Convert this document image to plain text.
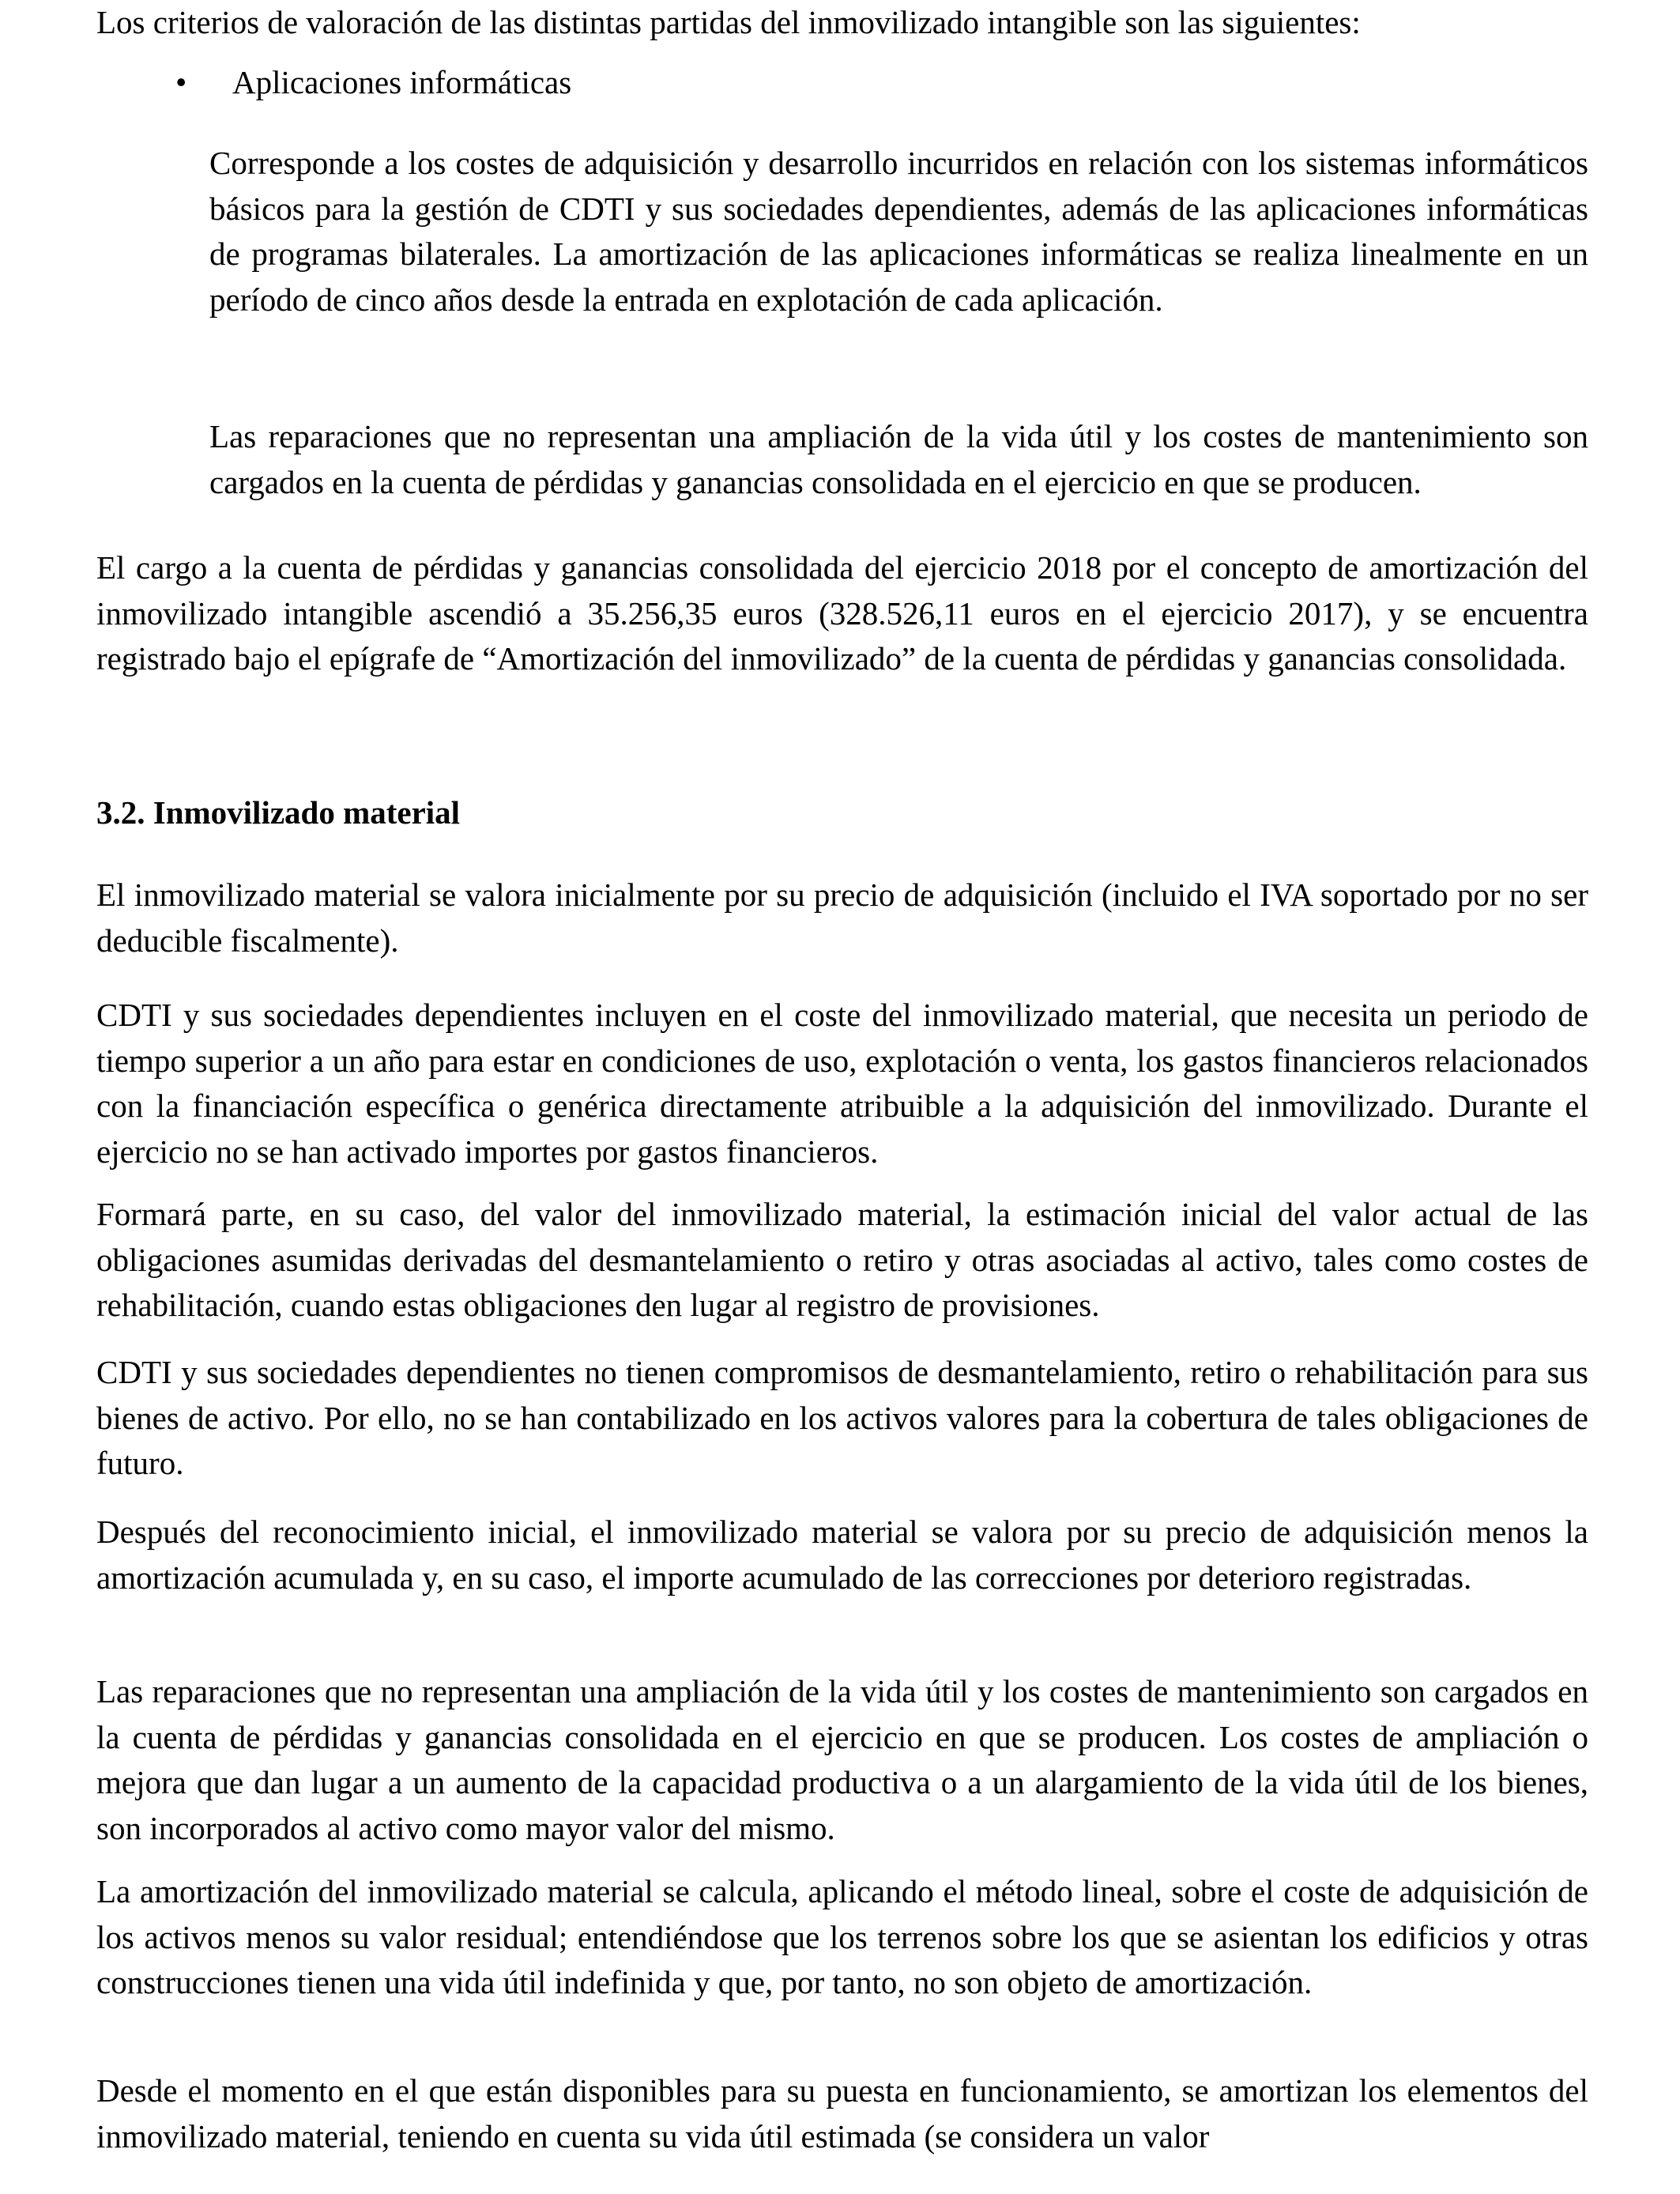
Los criterios de valoración de las distintas partidas del inmovilizado intangible son las siguientes:

• Aplicaciones informáticas

Corresponde a los costes de adquisición y desarrollo incurridos en relación con los sistemas informáticos básicos para la gestión de CDTI y sus sociedades dependientes, además de las aplicaciones informáticas de programas bilaterales. La amortización de las aplicaciones informáticas se realiza linealmente en un período de cinco años desde la entrada en explotación de cada aplicación.

Las reparaciones que no representan una ampliación de la vida útil y los costes de mantenimiento son cargados en la cuenta de pérdidas y ganancias consolidada en el ejercicio en que se producen.

El cargo a la cuenta de pérdidas y ganancias consolidada del ejercicio 2018 por el concepto de amortización del inmovilizado intangible ascendió a 35.256,35 euros (328.526,11 euros en el ejercicio 2017), y se encuentra registrado bajo el epígrafe de “Amortización del inmovilizado” de la cuenta de pérdidas y ganancias consolidada.

3.2. Inmovilizado material

El inmovilizado material se valora inicialmente por su precio de adquisición (incluido el IVA soportado por no ser deducible fiscalmente).

CDTI y sus sociedades dependientes incluyen en el coste del inmovilizado material, que necesita un periodo de tiempo superior a un año para estar en condiciones de uso, explotación o venta, los gastos financieros relacionados con la financiación específica o genérica directamente atribuible a la adquisición del inmovilizado. Durante el ejercicio no se han activado importes por gastos financieros.

Formará parte, en su caso, del valor del inmovilizado material, la estimación inicial del valor actual de las obligaciones asumidas derivadas del desmantelamiento o retiro y otras asociadas al activo, tales como costes de rehabilitación, cuando estas obligaciones den lugar al registro de provisiones.

CDTI y sus sociedades dependientes no tienen compromisos de desmantelamiento, retiro o rehabilitación para sus bienes de activo. Por ello, no se han contabilizado en los activos valores para la cobertura de tales obligaciones de futuro.

Después del reconocimiento inicial, el inmovilizado material se valora por su precio de adquisición menos la amortización acumulada y, en su caso, el importe acumulado de las correcciones por deterioro registradas.

Las reparaciones que no representan una ampliación de la vida útil y los costes de mantenimiento son cargados en la cuenta de pérdidas y ganancias consolidada en el ejercicio en que se producen. Los costes de ampliación o mejora que dan lugar a un aumento de la capacidad productiva o a un alargamiento de la vida útil de los bienes, son incorporados al activo como mayor valor del mismo.

La amortización del inmovilizado material se calcula, aplicando el método lineal, sobre el coste de adquisición de los activos menos su valor residual; entendiéndose que los terrenos sobre los que se asientan los edificios y otras construcciones tienen una vida útil indefinida y que, por tanto, no son objeto de amortización.

Desde el momento en el que están disponibles para su puesta en funcionamiento, se amortizan los elementos del inmovilizado material, teniendo en cuenta su vida útil estimada (se considera un valor
